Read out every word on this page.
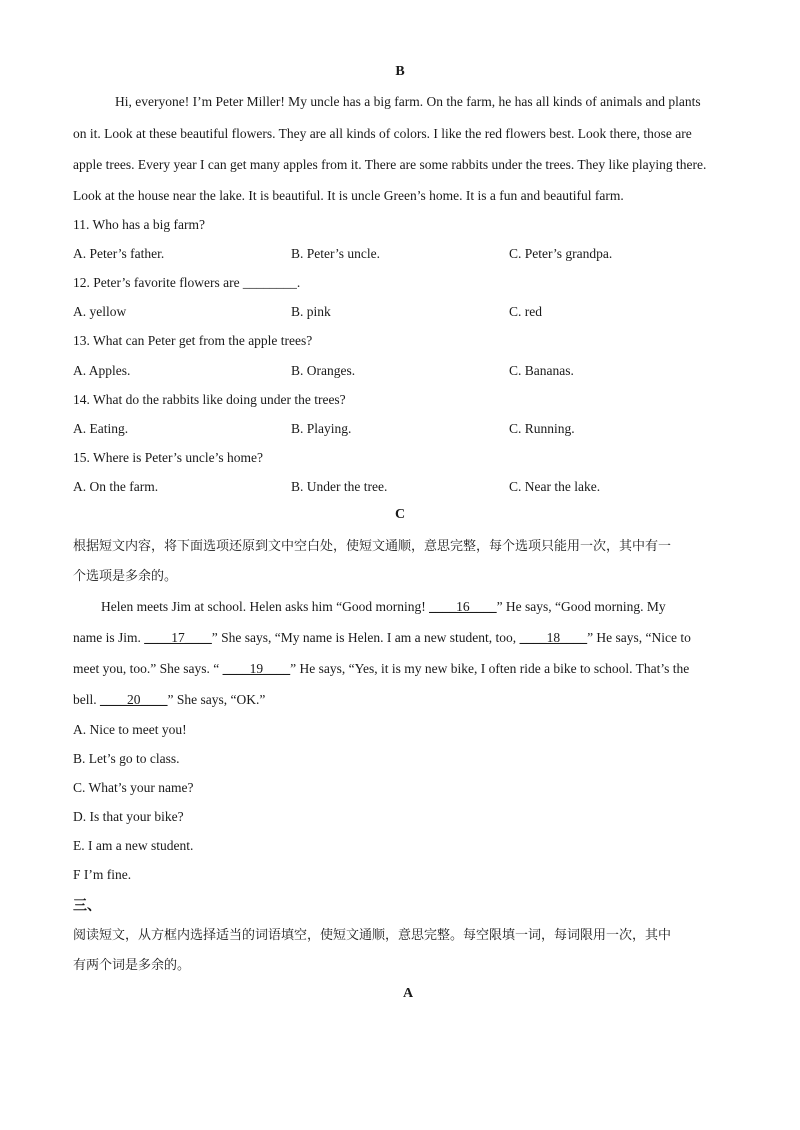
B
Hi, everyone! I’m Peter Miller! My uncle has a big farm. On the farm, he has all kinds of animals and plants
on it. Look at these beautiful flowers. They are all kinds of colors. I like the red flowers best. Look there, those are
apple trees. Every year I can get many apples from it. There are some rabbits under the trees. They like playing there.
Look at the house near the lake. It is beautiful. It is uncle Green’s home. It is a fun and beautiful farm.
11. Who has a big farm?
A. Peter’s father.	B. Peter’s uncle.	C. Peter’s grandpa.
12. Peter’s favorite flowers are ________.
A. yellow	B. pink	C. red
13. What can Peter get from the apple trees?
A. Apples.	B. Oranges.	C. Bananas.
14. What do the rabbits like doing under the trees?
A. Eating.	B. Playing.	C. Running.
15. Where is Peter’s uncle’s home?
A. On the farm.	B. Under the tree.	C. Near the lake.
C
根据短文内容，将下面选项还原到文中空白处，使短文通顺，意思完整，每个选项只能用一次，其中有一
个选项是多余的。
Helen meets Jim at school. Helen asks him “Good morning! ____16____” He says, “Good morning. My
name is Jim. ____17____” She says, “My name is Helen. I am a new student, too, ____18____” He says, “Nice to
meet you, too.” She says. “ ____19____” He says, “Yes, it is my new bike, I often ride a bike to school. That’s the
bell. ____20____” She says, “OK.”
A. Nice to meet you!
B. Let’s go to class.
C. What’s your name?
D. Is that your bike?
E. I am a new student.
F I’m fine.
三、
阅读短文，从方框内选择适当的词语填空，使短文通顺，意思完整。每空限填一词，每词限用一次，其中
有两个词是多余的。
A
